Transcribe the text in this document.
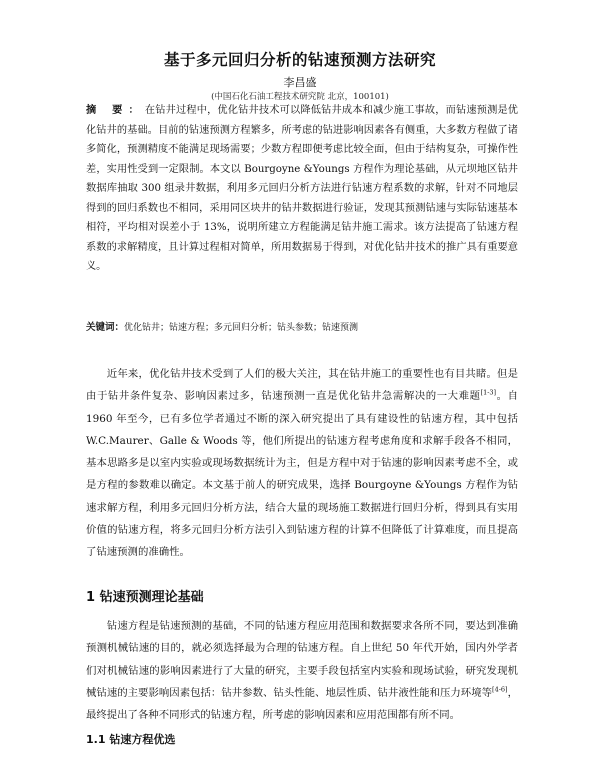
基于多元回归分析的钻速预测方法研究
李昌盛
(中国石化石油工程技术研究院 北京，100101)
摘 要：在钻井过程中，优化钻井技术可以降低钻井成本和减少施工事故，而钻速预测是优化钻井的基础。目前的钻速预测方程繁多，所考虑的钻进影响因素各有侧重，大多数方程做了诸多简化，预测精度不能满足现场需要；少数方程即便考虑比较全面，但由于结构复杂，可操作性差，实用性受到一定限制。本文以 Bourgoyne &Youngs 方程作为理论基础，从元坝地区钻井数据库抽取 300 组录井数据，利用多元回归分析方法进行钻速方程系数的求解，针对不同地层得到的回归系数也不相同，采用同区块井的钻井数据进行验证，发现其预测钻速与实际钻速基本相符，平均相对误差小于 13%，说明所建立方程能满足钻井施工需求。该方法提高了钻速方程系数的求解精度，且计算过程相对简单，所用数据易于得到，对优化钻井技术的推广具有重要意义。
关键词：优化钻井；钻速方程；多元回归分析；钻头参数；钻速预测
近年来，优化钻井技术受到了人们的极大关注，其在钻井施工的重要性也有目共睹。但是由于钻井条件复杂、影响因素过多，钻速预测一直是优化钻井急需解决的一大难题[1-3]。自 1960 年至今，已有多位学者通过不断的深入研究提出了具有建设性的钻速方程，其中包括 W.C.Maurer、Galle & Woods 等，他们所提出的钻速方程考虑角度和求解手段各不相同，基本思路多是以室内实验或现场数据统计为主，但是方程中对于钻速的影响因素考虑不全，或是方程的参数难以确定。本文基于前人的研究成果，选择 Bourgoyne &Youngs 方程作为钻速求解方程，利用多元回归分析方法，结合大量的现场施工数据进行回归分析，得到具有实用价值的钻速方程，将多元回归分析方法引入到钻速方程的计算不但降低了计算难度，而且提高了钻速预测的准确性。
1 钻速预测理论基础
钻速方程是钻速预测的基础，不同的钻速方程应用范围和数据要求各所不同，要达到准确预测机械钻速的目的，就必须选择最为合理的钻速方程。自上世纪 50 年代开始，国内外学者们对机械钻速的影响因素进行了大量的研究，主要手段包括室内实验和现场试验，研究发现机械钻速的主要影响因素包括：钻井参数、钻头性能、地层性质、钻井液性能和压力环境等[4-6]，最终提出了各种不同形式的钻速方程，所考虑的影响因素和应用范围都有所不同。
1.1 钻速方程优选
